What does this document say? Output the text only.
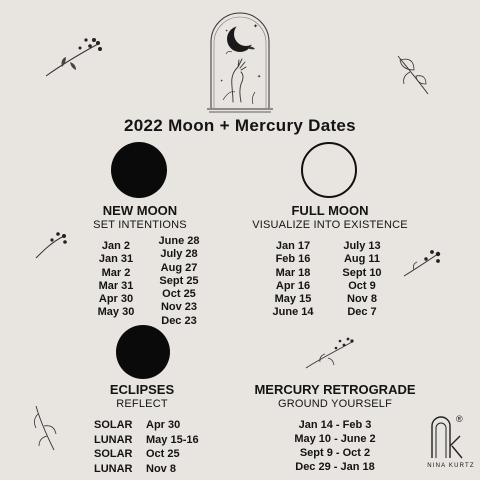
✦
✦
✦
✦
2022 Moon + Mercury Dates
NEW MOON
SET INTENTIONS
Jan 2
Jan 31
Mar 2
Mar 31
Apr 30
May 30
June 28
July 28
Aug 27
Sept 25
Oct 25
Nov 23
Dec 23
FULL MOON
VISUALIZE INTO EXISTENCE
Jan 17
Feb 16
Mar 18
Apr 16
May 15
June 14
July 13
Aug 11
Sept 10
Oct 9
Nov 8
Dec 7
ECLIPSES
REFLECT
SOLAR Apr 30
LUNAR May 15-16
SOLAR Oct 25
LUNAR Nov 8
MERCURY RETROGRADE
GROUND YOURSELF
Jan 14 - Feb 3
May 10 - June 2
Sept 9 - Oct 2
Dec 29 - Jan 18
®
NINA KURTZ
